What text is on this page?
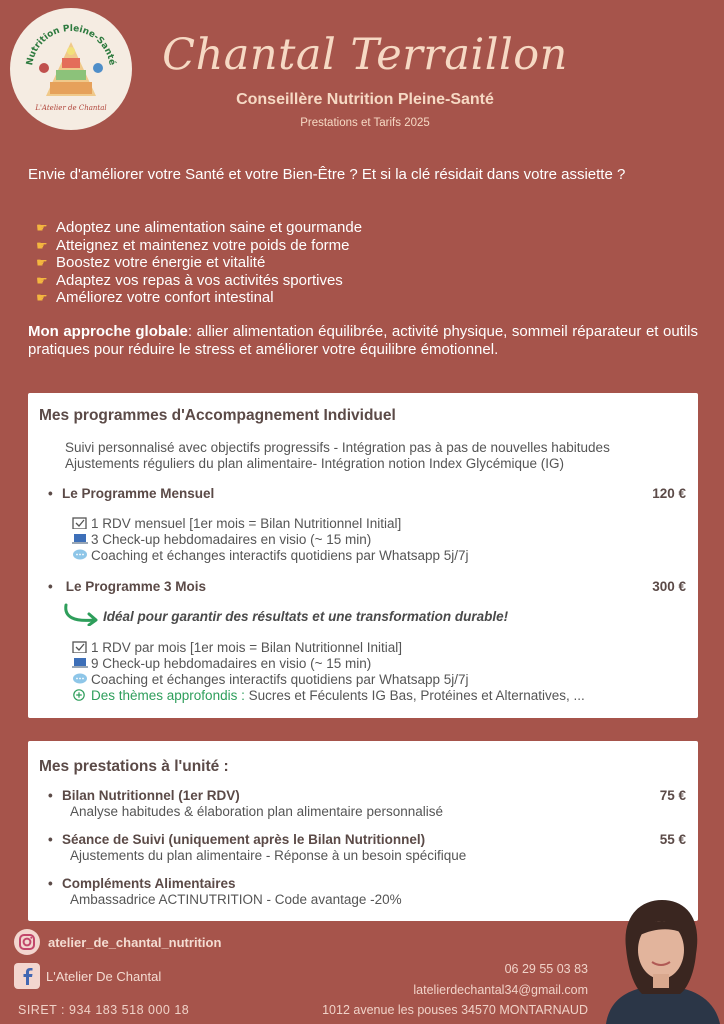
Nutrition Pleine-Santé
L'Atelier de Chantal
Chantal Terraillon
Conseillère Nutrition Pleine-Santé
Prestations et Tarifs 2025

Envie d'améliorer votre Santé et votre Bien-Être ? Et si la clé résidait dans votre assiette ?

☛ Adoptez une alimentation saine et gourmande
☛ Atteignez et maintenez votre poids de forme
☛ Boostez votre énergie et vitalité
☛ Adaptez vos repas à vos activités sportives
☛ Améliorez votre confort intestinal

Mon approche globale: allier alimentation équilibrée, activité physique, sommeil réparateur et outils pratiques pour réduire le stress et améliorer votre équilibre émotionnel.

Mes programmes d'Accompagnement Individuel
Suivi personnalisé avec objectifs progressifs - Intégration pas à pas de nouvelles habitudes
Ajustements réguliers du plan alimentaire- Intégration notion Index Glycémique (IG)
• Le Programme Mensuel	120 €
1 RDV mensuel [1er mois = Bilan Nutritionnel Initial]
3 Check-up hebdomadaires en visio (~ 15 min)
Coaching et échanges interactifs quotidiens par Whatsapp 5j/7j
• Le Programme 3 Mois	300 €
Idéal pour garantir des résultats et une transformation durable!
1 RDV par mois [1er mois = Bilan Nutritionnel Initial]
9 Check-up hebdomadaires en visio (~ 15 min)
Coaching et échanges interactifs quotidiens par Whatsapp 5j/7j
Des thèmes approfondis : Sucres et Féculents IG Bas, Protéines et Alternatives, ...
Mes prestations à l'unité :
• Bilan Nutritionnel (1er RDV)	75 €
Analyse habitudes & élaboration plan alimentaire personnalisé
• Séance de Suivi (uniquement après le Bilan Nutritionnel)	55 €
Ajustements du plan alimentaire - Réponse à un besoin spécifique
• Compléments Alimentaires
Ambassadrice ACTINUTRITION - Code avantage -20%
atelier_de_chantal_nutrition
L'Atelier De Chantal
SIRET : 934 183 518 000 18
06 29 55 03 83
latelierdechantal34@gmail.com
1012 avenue les pouses 34570 MONTARNAUD
